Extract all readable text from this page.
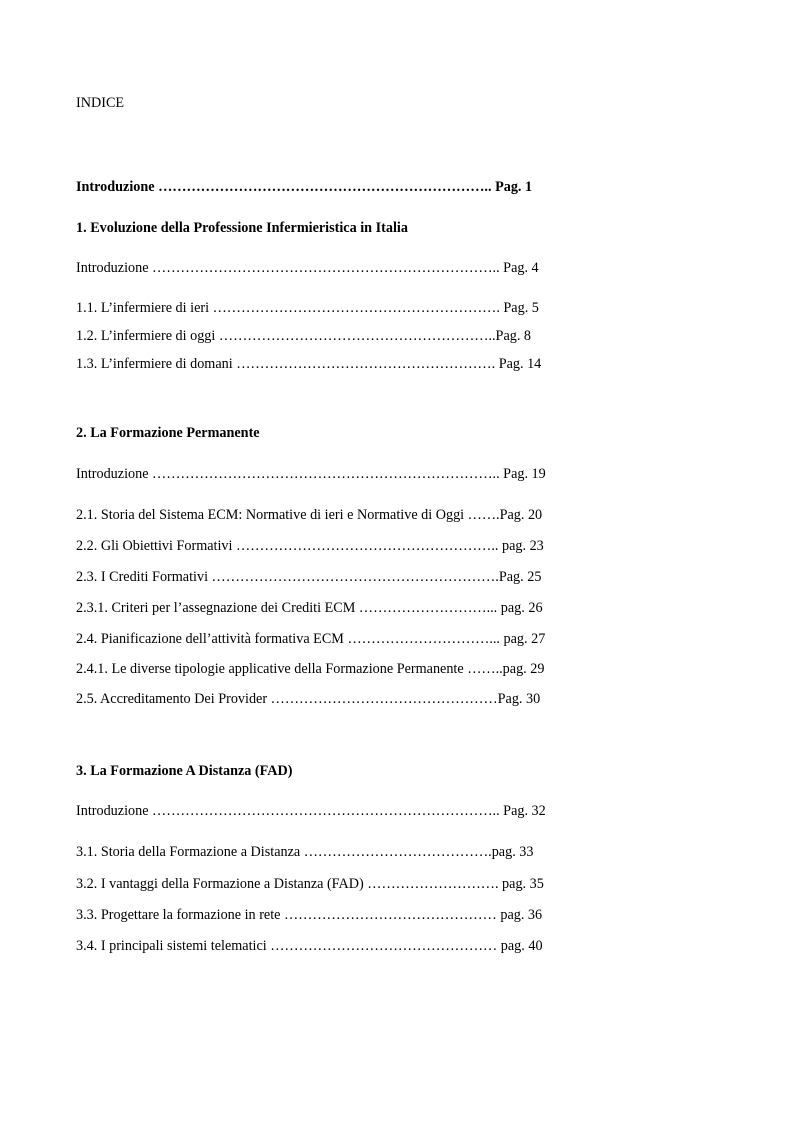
INDICE
Introduzione …………………………………………………………….. Pag. 1
1. Evoluzione della Professione Infermieristica in Italia
Introduzione ……………………………………………………………….. Pag. 4
1.1. L’infermiere di ieri ……………………………………………………. Pag. 5
1.2. L’infermiere di oggi …………………………………………………..Pag. 8
1.3. L’infermiere di domani ………………………………………………. Pag. 14
2. La Formazione Permanente
Introduzione ……………………………………………………………….. Pag. 19
2.1. Storia del Sistema ECM: Normative di ieri e Normative di Oggi …….Pag. 20
2.2. Gli Obiettivi Formativi ……………………………………………….. pag. 23
2.3. I Crediti Formativi …………………………………………………….Pag. 25
2.3.1. Criteri per l’assegnazione dei Crediti ECM ………………………... pag. 26
2.4. Pianificazione dell’attività formativa ECM …………………………... pag. 27
2.4.1. Le diverse tipologie applicative della Formazione Permanente ……..pag. 29
2.5. Accreditamento Dei Provider …………………………………………Pag. 30
3. La Formazione A Distanza (FAD)
Introduzione ……………………………………………………………….. Pag. 32
3.1. Storia della Formazione a Distanza ………………………………….pag. 33
3.2. I vantaggi della Formazione a Distanza (FAD) ………………………. pag. 35
3.3. Progettare la formazione in rete ……………………………………… pag. 36
3.4. I principali sistemi telematici ………………………………………… pag. 40
